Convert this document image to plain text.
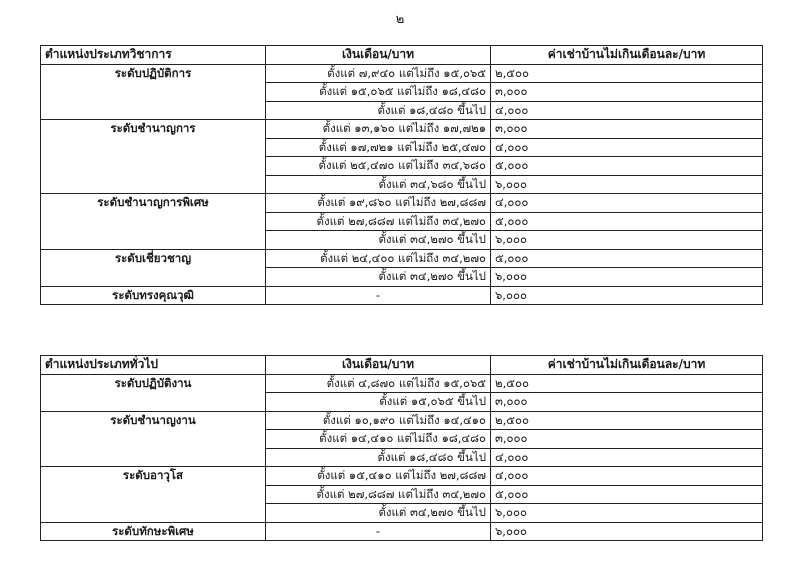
๒
ตำแหน่งประเภทวิชาการ	เงินเดือน/บาท	ค่าเช่าบ้านไม่เกินเดือนละ/บาท
ระดับปฏิบัติการ	ตั้งแต่ ๗,๙๔๐ แต่ไม่ถึง ๑๕,๐๖๕	๒,๕๐๐
	ตั้งแต่ ๑๕,๐๖๕ แต่ไม่ถึง ๑๘,๔๘๐	๓,๐๐๐
	ตั้งแต่ ๑๘,๔๘๐ ขึ้นไป	๔,๐๐๐
ระดับชำนาญการ	ตั้งแต่ ๑๓,๑๖๐ แต่ไม่ถึง ๑๗,๗๒๑	๓,๐๐๐
	ตั้งแต่ ๑๗,๗๒๑ แต่ไม่ถึง ๒๕,๔๗๐	๔,๐๐๐
	ตั้งแต่ ๒๕,๔๗๐ แต่ไม่ถึง ๓๔,๖๘๐	๕,๐๐๐
	ตั้งแต่ ๓๔,๖๘๐ ขึ้นไป	๖,๐๐๐
ระดับชำนาญการพิเศษ	ตั้งแต่ ๑๙,๘๖๐ แต่ไม่ถึง ๒๗,๘๘๗	๔,๐๐๐
	ตั้งแต่ ๒๗,๘๘๗ แต่ไม่ถึง ๓๔,๒๗๐	๕,๐๐๐
	ตั้งแต่ ๓๔,๒๗๐ ขึ้นไป	๖,๐๐๐
ระดับเชี่ยวชาญ	ตั้งแต่ ๒๔,๔๐๐ แต่ไม่ถึง ๓๔,๒๗๐	๕,๐๐๐
	ตั้งแต่ ๓๔,๒๗๐ ขึ้นไป	๖,๐๐๐
ระดับทรงคุณวุฒิ	-	๖,๐๐๐
ตำแหน่งประเภททั่วไป	เงินเดือน/บาท	ค่าเช่าบ้านไม่เกินเดือนละ/บาท
ระดับปฏิบัติงาน	ตั้งแต่ ๔,๘๗๐ แต่ไม่ถึง ๑๕,๐๖๕	๒,๕๐๐
	ตั้งแต่ ๑๕,๐๖๕ ขึ้นไป	๓,๐๐๐
ระดับชำนาญงาน	ตั้งแต่ ๑๐,๑๙๐ แต่ไม่ถึง ๑๔,๔๑๐	๒,๕๐๐
	ตั้งแต่ ๑๔,๔๑๐ แต่ไม่ถึง ๑๘,๔๘๐	๓,๐๐๐
	ตั้งแต่ ๑๘,๔๘๐ ขึ้นไป	๔,๐๐๐
ระดับอาวุโส	ตั้งแต่ ๑๕,๔๑๐ แต่ไม่ถึง ๒๗,๘๘๗	๔,๐๐๐
	ตั้งแต่ ๒๗,๘๘๗ แต่ไม่ถึง ๓๔,๒๗๐	๕,๐๐๐
	ตั้งแต่ ๓๔,๒๗๐ ขึ้นไป	๖,๐๐๐
ระดับทักษะพิเศษ	-	๖,๐๐๐
